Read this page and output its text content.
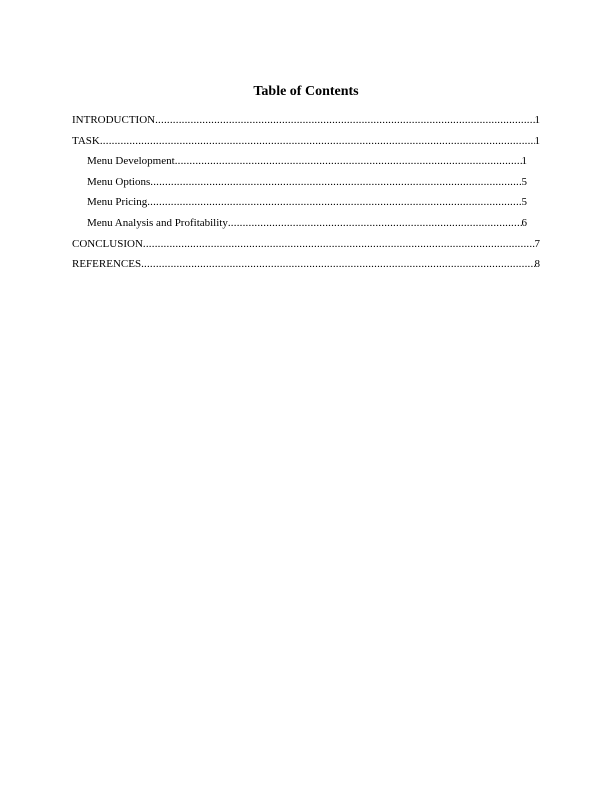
Table of Contents
INTRODUCTION .....	1
TASK .....	1
Menu Development .....	1
Menu Options .....	5
Menu Pricing .....	5
Menu Analysis and Profitability .....	6
CONCLUSION .....	7
REFERENCES .....	8
